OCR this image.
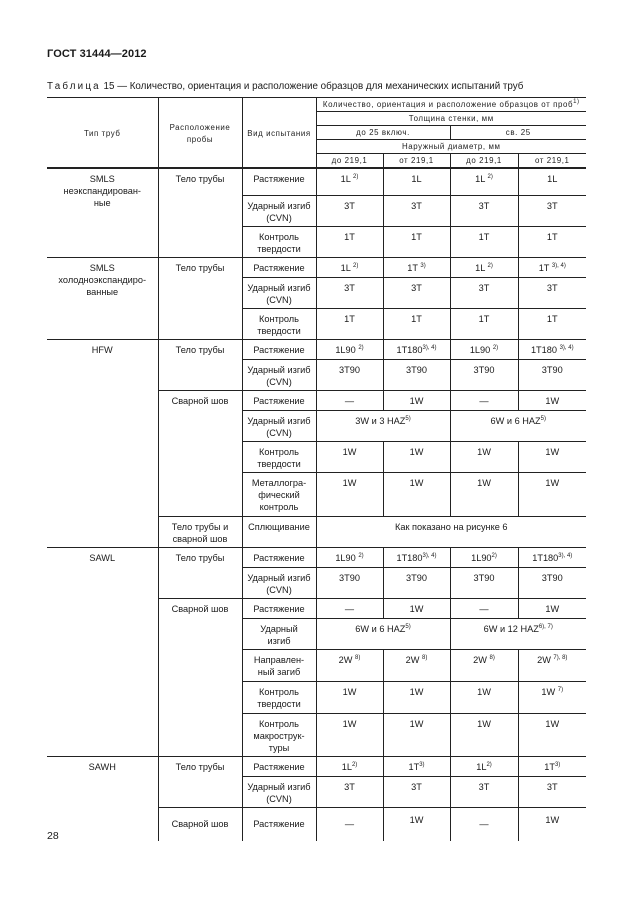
ГОСТ 31444—2012
Таблица 15 — Количество, ориентация и расположение образцов для механических испытаний труб
Тип труб	Расположение пробы	Вид испытания	Количество, ориентация и расположение образцов от проб$^{1)}$
			Толщина стенки, мм			
			до 25 включ.		св. 25	
			Наружный диаметр, мм			
			до 219,1	от 219,1	до 219,1	от 219,1
SMLS неэкспандирован-ные	Тело трубы	Растяжение	1L $^{2)}$	1L	1L $^{2)}$	1L
		Ударный изгиб (CVN)	3T	3T	3T	3T
		Контроль твердости	1T	1T	1T	1T
SMLS холодноэкспандиро-ванные	Тело трубы	Растяжение	1L $^{2)}$	1T $^{3)}$	1L $^{2)}$	1T $^{3), 4)}$
		Ударный изгиб (CVN)	3T	3T	3T	3T
		Контроль твердости	1T	1T	1T	1T
HFW	Тело трубы	Растяжение	1L90 $^{2)}$	$1T180^{3), 4)}$	1L90 $^{2)}$	1T180 $^{3), 4)}$
		Ударный изгиб (CVN)	3T90	3T90	3T90	3T90
	Сварной шов	Растяжение	—	1W	—	1W
		Ударный изгиб (CVN)	3W и 3 HAZ$^{5)}$		6W и 6 HAZ$^{5)}$
		Контроль твердости	1W	1W	1W	1W
		Металлогра-фический контроль	1W	1W	1W	1W
	Тело трубы и сварной шов	Сплющивание	Как показано на рисунке 6			
SAWL	Тело трубы	Растяжение	1L90 $^{2)}$	$1T180^{3), 4)}$	1L90$^{2)}$	$1T180^{3), 4)}$
		Ударный изгиб (CVN)	3T90	3T90	3T90	3T90
	Сварной шов	Растяжение	—	1W	—	1W
		Ударный изгиб	6W и 6 HAZ$^{5)}$		6W и 12 $HAZ^{6), 7)}$
		Направлен-ный загиб	2W $^{8)}$	2W $^{8)}$	2W $^{8)}$	2W $^{7), 8)}$
		Контроль твердости	1W	1W	1W	1W $^{7)}$
		Контроль макрострук-туры	1W	1W	1W	1W
SAWH	Тело трубы	Растяжение	$1L^{2)}$	$1T^{3)}$	$1L^{2)}$	$1T^{3)}$
		Ударный изгиб (CVN)	3T	3T	3T	3T
	Сварной шов	Растяжение	—	1W	—	1W
28
